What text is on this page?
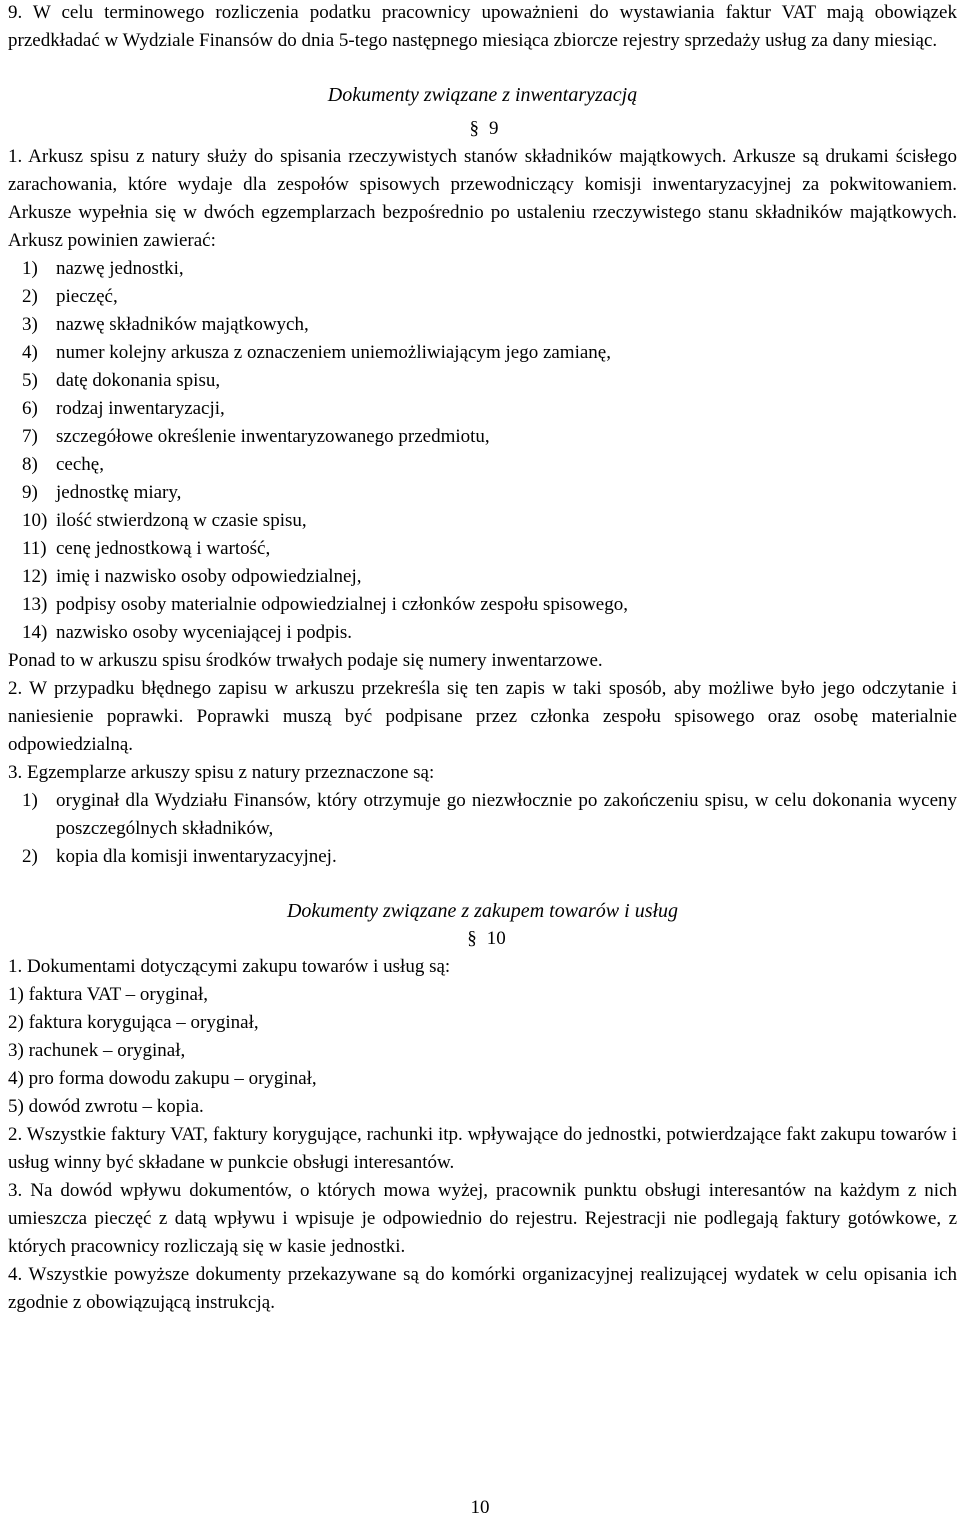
9. W celu terminowego rozliczenia podatku pracownicy upoważnieni do wystawiania faktur VAT mają obowiązek przedkładać w Wydziale Finansów do dnia 5-tego następnego miesiąca zbiorcze rejestry sprzedaży usług za dany miesiąc.

Dokumenty związane z inwentaryzacją

§ 9

1. Arkusz spisu z natury służy do spisania rzeczywistych stanów składników majątkowych. Arkusze są drukami ścisłego zarachowania, które wydaje dla zespołów spisowych przewodniczący komisji inwentaryzacyjnej za pokwitowaniem. Arkusze wypełnia się w dwóch egzemplarzach bezpośrednio po ustaleniu rzeczywistego stanu składników majątkowych. Arkusz powinien zawierać:

1) nazwę jednostki,
2) pieczęć,
3) nazwę składników majątkowych,
4) numer kolejny arkusza z oznaczeniem uniemożliwiającym jego zamianę,
5) datę dokonania spisu,
6) rodzaj inwentaryzacji,
7) szczegółowe określenie inwentaryzowanego przedmiotu,
8) cechę,
9) jednostkę miary,
10) ilość stwierdzoną w czasie spisu,
11) cenę jednostkową i wartość,
12) imię i nazwisko osoby odpowiedzialnej,
13) podpisy osoby materialnie odpowiedzialnej i członków zespołu spisowego,
14) nazwisko osoby wyceniającej i podpis.

Ponad to w arkuszu spisu środków trwałych podaje się numery inwentarzowe.

2. W przypadku błędnego zapisu w arkuszu przekreśla się ten zapis w taki sposób, aby możliwe było jego odczytanie i naniesienie poprawki. Poprawki muszą być podpisane przez członka zespołu spisowego oraz osobę materialnie odpowiedzialną.

3. Egzemplarze arkuszy spisu z natury przeznaczone są:

1) oryginał dla Wydziału Finansów, który otrzymuje go niezwłocznie po zakończeniu spisu, w celu dokonania wyceny poszczególnych składników,
2) kopia dla komisji inwentaryzacyjnej.

Dokumenty związane z zakupem towarów i usług

§ 10

1. Dokumentami dotyczącymi zakupu towarów i usług są:

1) faktura VAT – oryginał,

2) faktura korygująca – oryginał,

3) rachunek – oryginał,

4) pro forma dowodu zakupu – oryginał,

5) dowód zwrotu – kopia.

2. Wszystkie faktury VAT, faktury korygujące, rachunki itp. wpływające do jednostki, potwierdzające fakt zakupu towarów i usług winny być składane w punkcie obsługi interesantów.

3. Na dowód wpływu dokumentów, o których mowa wyżej, pracownik punktu obsługi interesantów na każdym z nich umieszcza pieczęć z datą wpływu i wpisuje je odpowiednio do rejestru. Rejestracji nie podlegają faktury gotówkowe, z których pracownicy rozliczają się w kasie jednostki.

4. Wszystkie powyższe dokumenty przekazywane są do komórki organizacyjnej realizującej wydatek w celu opisania ich zgodnie z obowiązującą instrukcją.

10
